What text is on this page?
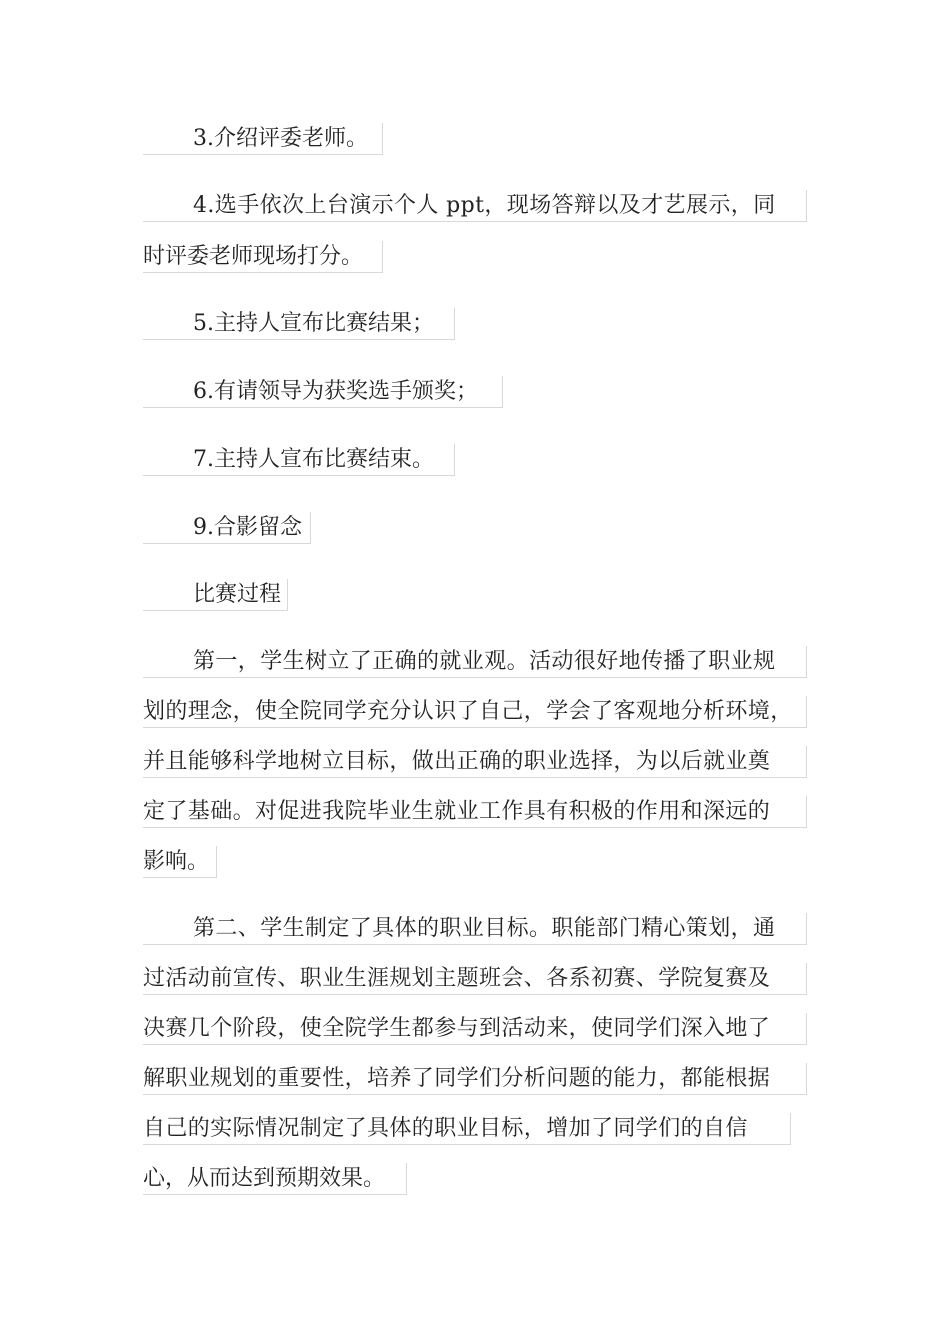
3.介绍评委老师。
4.选手依次上台演示个人 ppt，现场答辩以及才艺展示，同
时评委老师现场打分。
5.主持人宣布比赛结果；
6.有请领导为获奖选手颁奖；
7.主持人宣布比赛结束。
9.合影留念
比赛过程
第一，学生树立了正确的就业观。活动很好地传播了职业规
划的理念，使全院同学充分认识了自己，学会了客观地分析环境，
并且能够科学地树立目标，做出正确的职业选择，为以后就业奠
定了基础。对促进我院毕业生就业工作具有积极的作用和深远的
影响。
第二、学生制定了具体的职业目标。职能部门精心策划，通
过活动前宣传、职业生涯规划主题班会、各系初赛、学院复赛及
决赛几个阶段，使全院学生都参与到活动来，使同学们深入地了
解职业规划的重要性，培养了同学们分析问题的能力，都能根据
自己的实际情况制定了具体的职业目标，增加了同学们的自信
心，从而达到预期效果。
